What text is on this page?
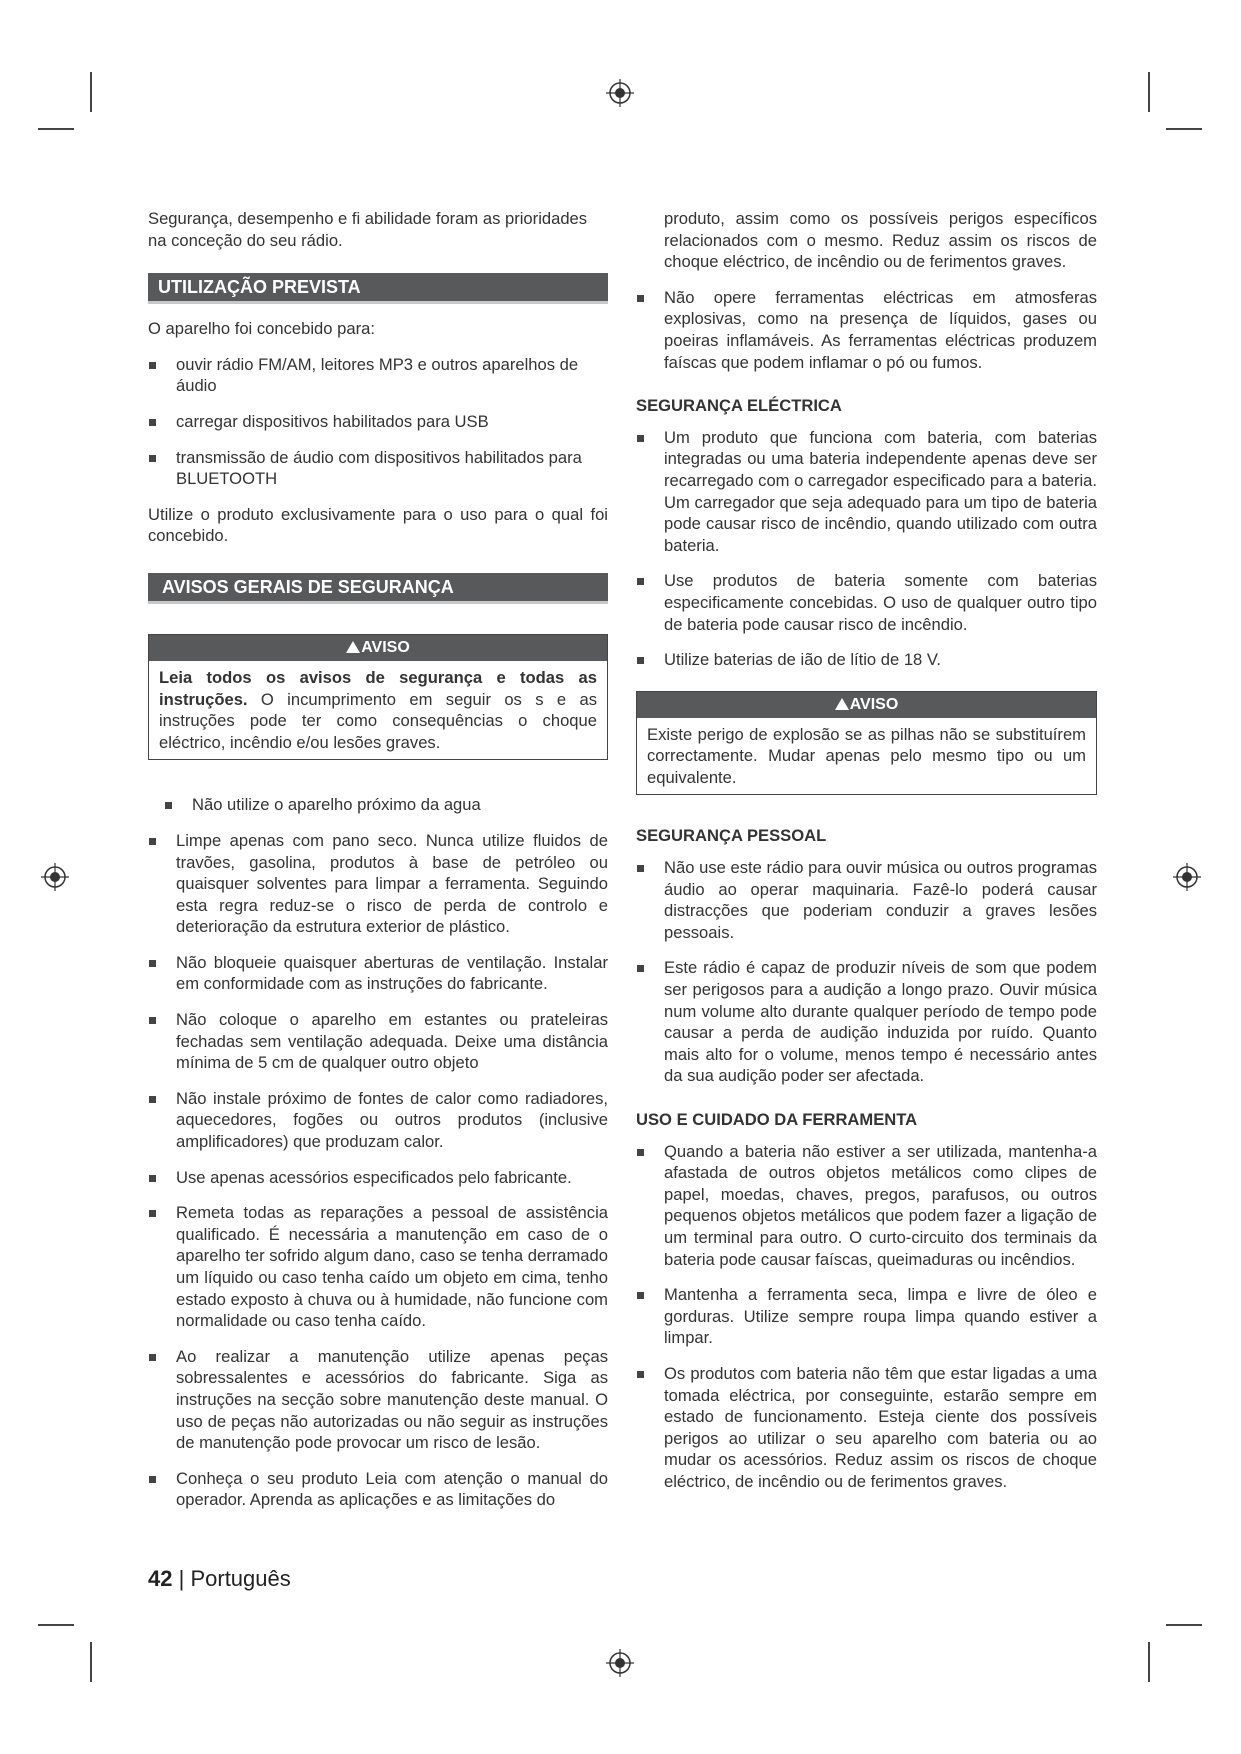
Segurança, desempenho e fi abilidade foram as prioridades na conceção do seu rádio.

UTILIZAÇÃO PREVISTA

O aparelho foi concebido para:

ouvir rádio FM/AM, leitores MP3 e outros aparelhos de áudio
carregar dispositivos habilitados para USB
transmissão de áudio com dispositivos habilitados para BLUETOOTH

Utilize o produto exclusivamente para o uso para o qual foi concebido.

AVISOS GERAIS DE SEGURANÇA
AVISO
Leia todos os avisos de segurança e todas as instruções. O incumprimento em seguir os s e as instruções pode ter como consequências o choque eléctrico, incêndio e/ou lesões graves.
Não utilize o aparelho próximo da agua
Limpe apenas com pano seco. Nunca utilize fluidos de travões, gasolina, produtos à base de petróleo ou quaisquer solventes para limpar a ferramenta. Seguindo esta regra reduz-se o risco de perda de controlo e deterioração da estrutura exterior de plástico.
Não bloqueie quaisquer aberturas de ventilação. Instalar em conformidade com as instruções do fabricante.
Não coloque o aparelho em estantes ou prateleiras fechadas sem ventilação adequada. Deixe uma distância mínima de 5 cm de qualquer outro objeto
Não instale próximo de fontes de calor como radiadores, aquecedores, fogões ou outros produtos (inclusive amplificadores) que produzam calor.
Use apenas acessórios especificados pelo fabricante.
Remeta todas as reparações a pessoal de assistência qualificado. É necessária a manutenção em caso de o aparelho ter sofrido algum dano, caso se tenha derramado um líquido ou caso tenha caído um objeto em cima, tenho estado exposto à chuva ou à humidade, não funcione com normalidade ou caso tenha caído.
Ao realizar a manutenção utilize apenas peças sobressalentes e acessórios do fabricante. Siga as instruções na secção sobre manutenção deste manual. O uso de peças não autorizadas ou não seguir as instruções de manutenção pode provocar um risco de lesão.
Conheça o seu produto Leia com atenção o manual do operador. Aprenda as aplicações e as limitações do

produto, assim como os possíveis perigos específicos relacionados com o mesmo. Reduz assim os riscos de choque eléctrico, de incêndio ou de ferimentos graves.

Não opere ferramentas eléctricas em atmosferas explosivas, como na presença de líquidos, gases ou poeiras inflamáveis. As ferramentas eléctricas produzem faíscas que podem inflamar o pó ou fumos.
SEGURANÇA ELÉCTRICA
Um produto que funciona com bateria, com baterias integradas ou uma bateria independente apenas deve ser recarregado com o carregador especificado para a bateria. Um carregador que seja adequado para um tipo de bateria pode causar risco de incêndio, quando utilizado com outra bateria.
Use produtos de bateria somente com baterias especificamente concebidas. O uso de qualquer outro tipo de bateria pode causar risco de incêndio.
Utilize baterias de ião de lítio de 18 V.
AVISO
Existe perigo de explosão se as pilhas não se substituírem correctamente. Mudar apenas pelo mesmo tipo ou um equivalente.
SEGURANÇA PESSOAL
Não use este rádio para ouvir música ou outros programas áudio ao operar maquinaria. Fazê-lo poderá causar distracções que poderiam conduzir a graves lesões pessoais.
Este rádio é capaz de produzir níveis de som que podem ser perigosos para a audição a longo prazo. Ouvir música num volume alto durante qualquer período de tempo pode causar a perda de audição induzida por ruído. Quanto mais alto for o volume, menos tempo é necessário antes da sua audição poder ser afectada.
USO E CUIDADO DA FERRAMENTA
Quando a bateria não estiver a ser utilizada, mantenha-a afastada de outros objetos metálicos como clipes de papel, moedas, chaves, pregos, parafusos, ou outros pequenos objetos metálicos que podem fazer a ligação de um terminal para outro. O curto-circuito dos terminais da bateria pode causar faíscas, queimaduras ou incêndios.
Mantenha a ferramenta seca, limpa e livre de óleo e gorduras. Utilize sempre roupa limpa quando estiver a limpar.
Os produtos com bateria não têm que estar ligadas a uma tomada eléctrica, por conseguinte, estarão sempre em estado de funcionamento. Esteja ciente dos possíveis perigos ao utilizar o seu aparelho com bateria ou ao mudar os acessórios. Reduz assim os riscos de choque eléctrico, de incêndio ou de ferimentos graves.
42 | Português
